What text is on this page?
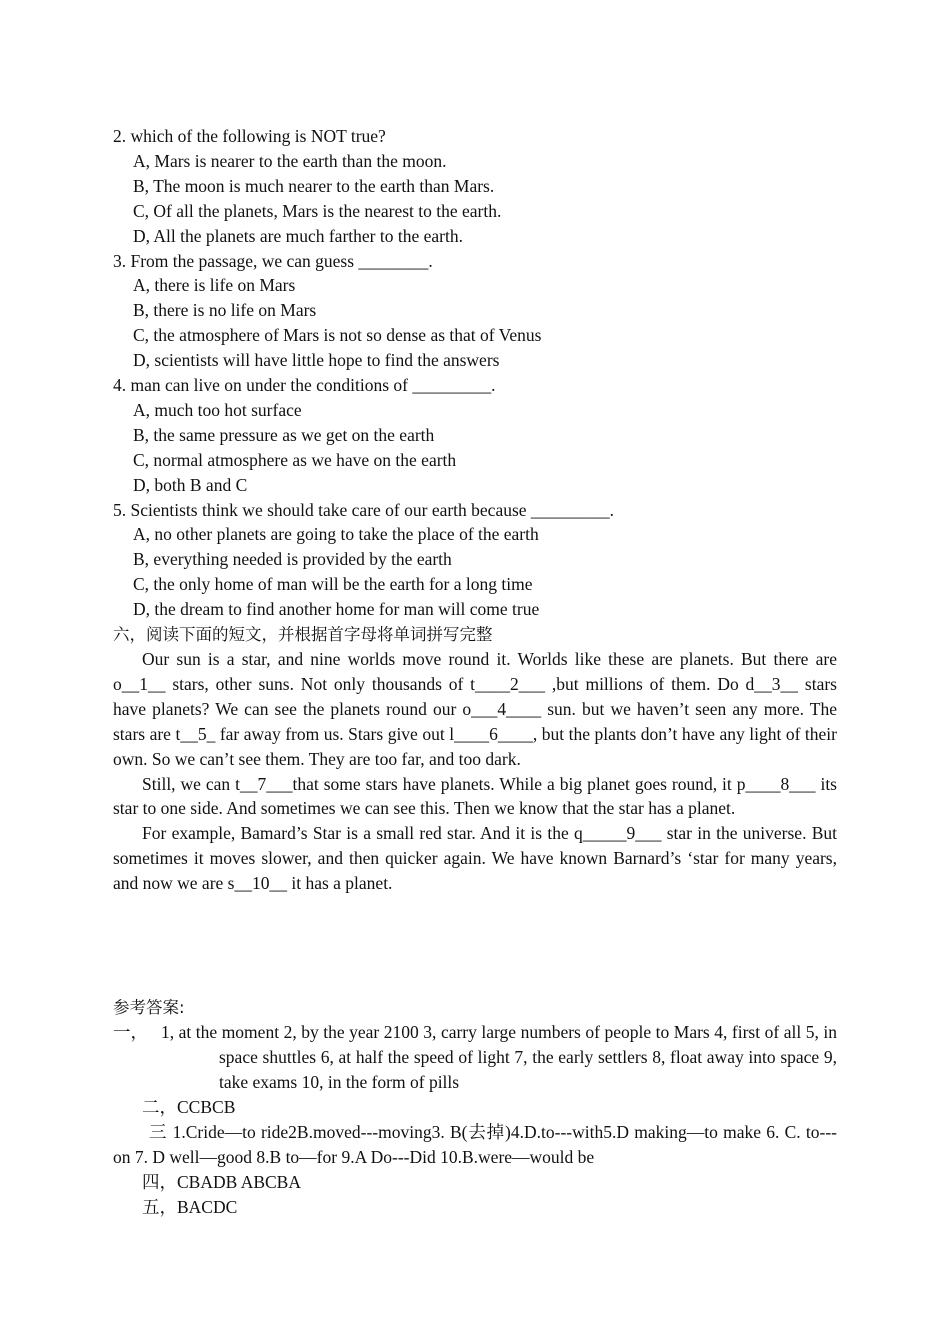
2. which of the following is NOT true?
A, Mars is nearer to the earth than the moon.
B, The moon is much nearer to the earth than Mars.
C, Of all the planets, Mars is the nearest to the earth.
D, All the planets are much farther to the earth.
3. From the passage, we can guess ________.
A, there is life on Mars
B, there is no life on Mars
C, the atmosphere of Mars is not so dense as that of Venus
D, scientists will have little hope to find the answers
4. man can live on under the conditions of _________.
A, much too hot surface
B, the same pressure as we get on the earth
C, normal atmosphere as we have on the earth
D, both B and C
5. Scientists think we should take care of our earth because _________.
A, no other planets are going to take the place of the earth
B, everything needed is provided by the earth
C, the only home of man will be the earth for a long time
D, the dream to find another home for man will come true
六，阅读下面的短文，并根据首字母将单词拼写完整

Our sun is a star, and nine worlds move round it. Worlds like these are planets. But there are o__1__ stars, other suns. Not only thousands of t____2___ ,but millions of them. Do d__3__ stars have planets? We can see the planets round our o___4____ sun. but we haven’t seen any more. The stars are t__5_ far away from us. Stars give out l____6____, but the plants don’t have any light of their own. So we can’t see them. They are too far, and too dark.

Still, we can t__7___that some stars have planets. While a big planet goes round, it p____8___ its star to one side. And sometimes we can see this. Then we know that the star has a planet.

For example, Bamard’s Star is a small red star. And it is the q_____9___ star in the universe. But sometimes it moves slower, and then quicker again. We have known Barnard’s ‘star for many years, and now we are s__10__ it has a planet.

参考答案:
一， 1, at the moment 2, by the year 2100 3, carry large numbers of people to Mars 4, first of all 5, in space shuttles 6, at half the speed of light 7, the early settlers 8, float away into space 9, take exams 10, in the form of pills
二，CCBCB
三 1.Cride—to ride2B.moved---moving3. B(去掉)4.D.to---with5.D making—to make 6. C. to---on 7. D well—good 8.B to—for 9.A Do---Did 10.B.were—would be
四，CBADB ABCBA
五，BACDC
